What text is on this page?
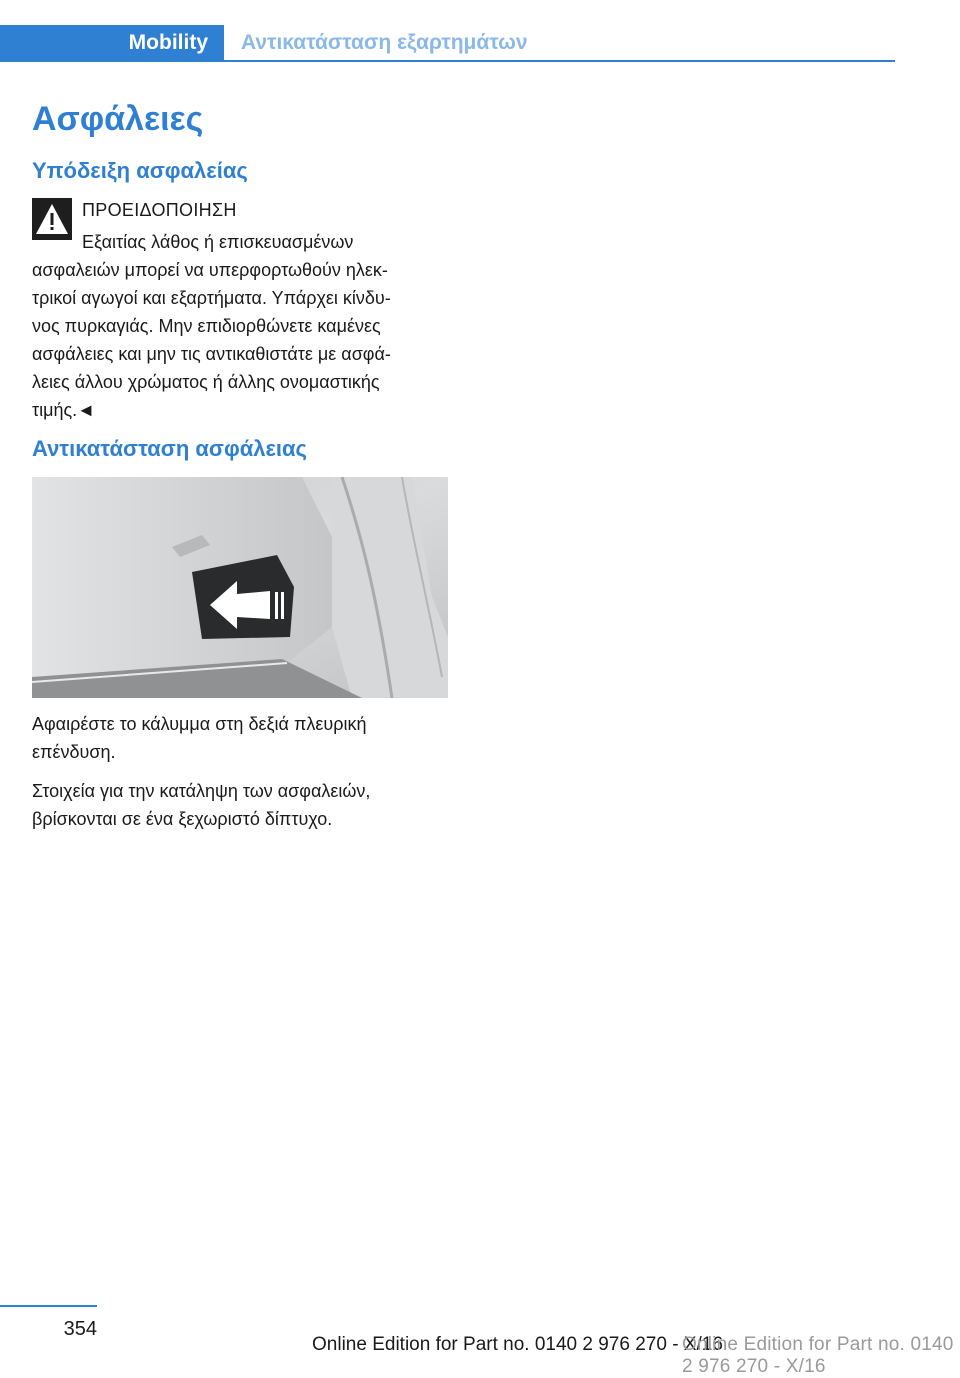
Mobility Αντικατάσταση εξαρτημάτων
Ασφάλειες
Υπόδειξη ασφαλείας
ΠΡΟΕΙΔΟΠΟΙΗΣΗ
Εξαιτίας λάθος ή επισκευασμένων
ασφαλειών μπορεί να υπερφορτωθούν ηλεκ-
τρικοί αγωγοί και εξαρτήματα. Υπάρχει κίνδυ-
νος πυρκαγιάς. Μην επιδιορθώνετε καμένες
ασφάλειες και μην τις αντικαθιστάτε με ασφά-
λειες άλλου χρώματος ή άλλης ονομαστικής
τιμής.◄
Αντικατάσταση ασφάλειας

Αφαιρέστε το κάλυμμα στη δεξιά πλευρική
επένδυση.

Στοιχεία για την κατάληψη των ασφαλειών,
βρίσκονται σε ένα ξεχωριστό δίπτυχο.

354
Online Edition for Part no. 0140 2 976 270 - X/16
Online Edition for Part no. 0140 2 976 270 - X/16
